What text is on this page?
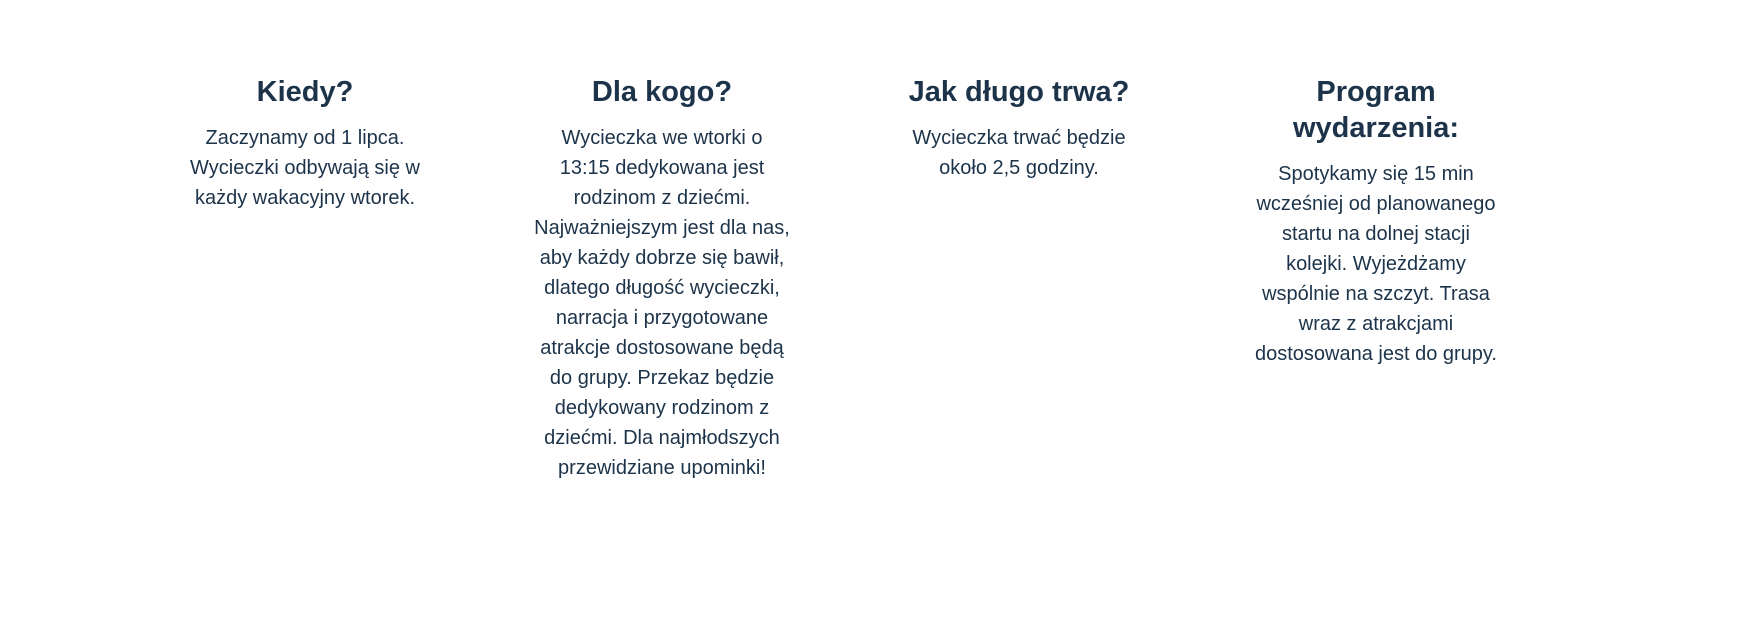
Kiedy?

Zaczynamy od 1 lipca. Wycieczki odbywają się w każdy wakacyjny wtorek.

Dla kogo?

Wycieczka we wtorki o 13:15 dedykowana jest rodzinom z dziećmi. Najważniejszym jest dla nas, aby każdy dobrze się bawił, dlatego długość wycieczki, narracja i przygotowane atrakcje dostosowane będą do grupy. Przekaz będzie dedykowany rodzinom z dziećmi. Dla najmłodszych przewidziane upominki!

Jak długo trwa?

Wycieczka trwać będzie około 2,5 godziny.

Program wydarzenia:

Spotykamy się 15 min wcześniej od planowanego startu na dolnej stacji kolejki. Wyjeżdżamy wspólnie na szczyt. Trasa wraz z atrakcjami dostosowana jest do grupy.
